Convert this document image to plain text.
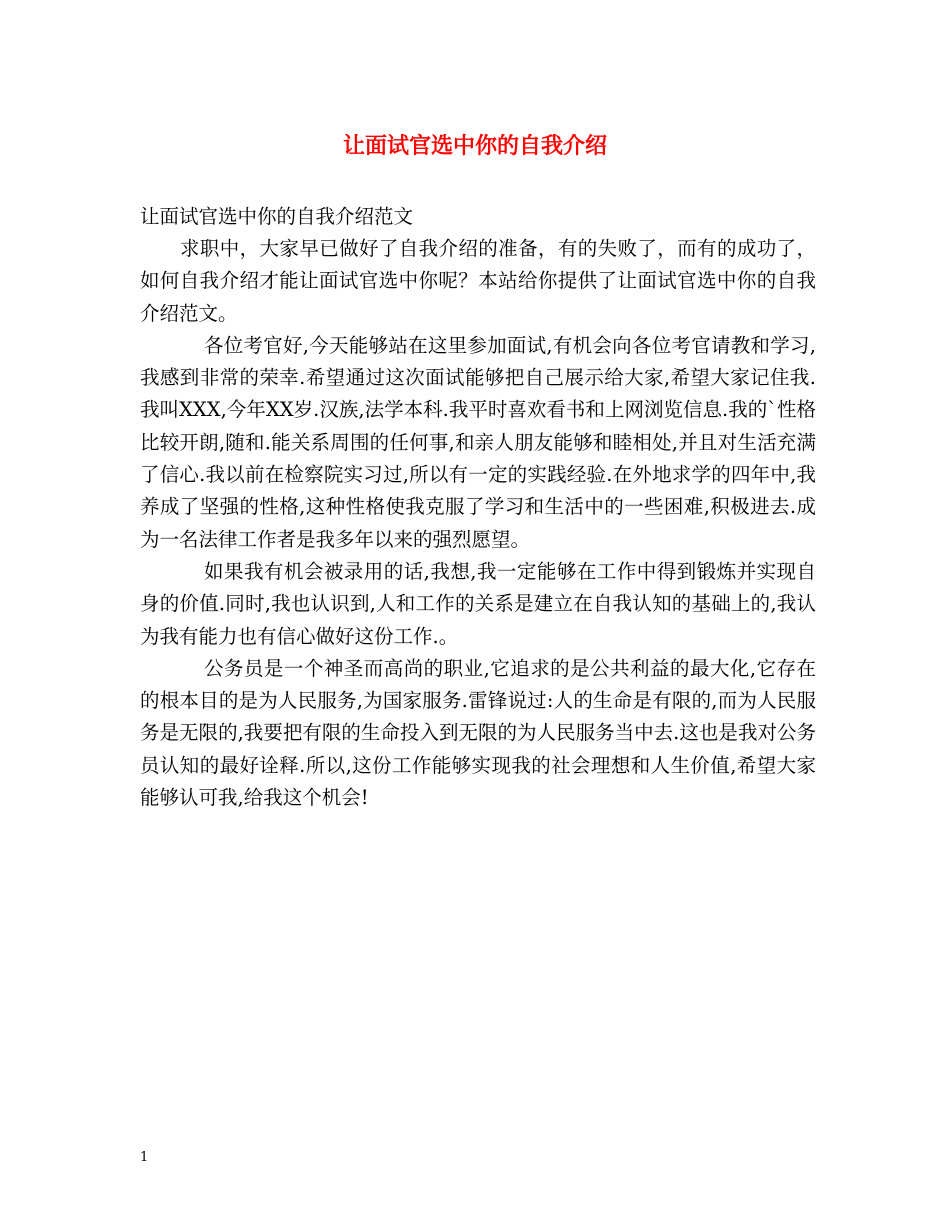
让面试官选中你的自我介绍

让面试官选中你的自我介绍范文

求职中，大家早已做好了自我介绍的准备，有的失败了，而有的成功了，如何自我介绍才能让面试官选中你呢？本站给你提供了让面试官选中你的自我介绍范文。

各位考官好,今天能够站在这里参加面试,有机会向各位考官请教和学习,我感到非常的荣幸.希望通过这次面试能够把自己展示给大家,希望大家记住我.我叫XXX,今年XX岁.汉族,法学本科.我平时喜欢看书和上网浏览信息.我的`性格比较开朗,随和.能关系周围的任何事,和亲人朋友能够和睦相处,并且对生活充满了信心.我以前在检察院实习过,所以有一定的实践经验.在外地求学的四年中,我养成了坚强的性格,这种性格使我克服了学习和生活中的一些困难,积极进去.成为一名法律工作者是我多年以来的强烈愿望。

如果我有机会被录用的话,我想,我一定能够在工作中得到锻炼并实现自身的价值.同时,我也认识到,人和工作的关系是建立在自我认知的基础上的,我认为我有能力也有信心做好这份工作.。

公务员是一个神圣而高尚的职业,它追求的是公共利益的最大化,它存在的根本目的是为人民服务,为国家服务.雷锋说过:人的生命是有限的,而为人民服务是无限的,我要把有限的生命投入到无限的为人民服务当中去.这也是我对公务员认知的最好诠释.所以,这份工作能够实现我的社会理想和人生价值,希望大家能够认可我,给我这个机会!

1
